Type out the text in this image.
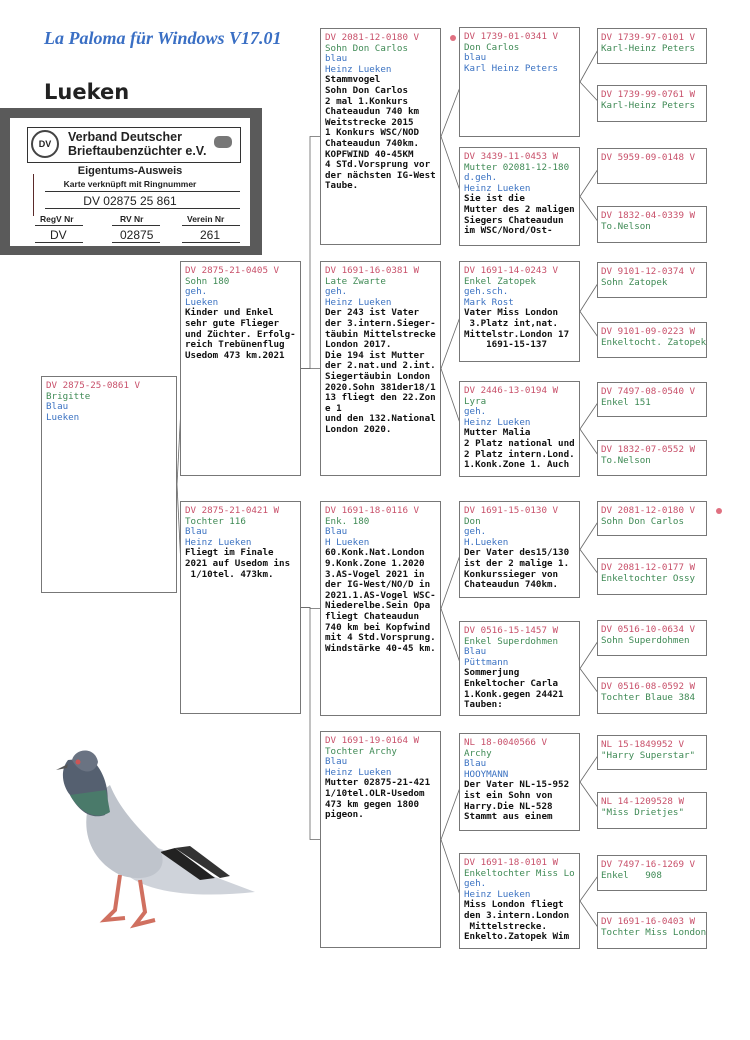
La Paloma für Windows V17.01
Lueken
DV	Verband Deutscher
Brieftaubenzüchter e.V.
Eigentums-Ausweis
Karte verknüpft mit Ringnummer
DV 02875 25 861
RegV Nr	RV Nr	Verein Nr
DV	02875	261
DV 2875-25-0861 V
Brigitte
Blau
Lueken
DV 2875-21-0405 V
Sohn 180
geh.
Lueken
Kinder und Enkel
sehr gute Flieger
und Züchter. Erfolg-
reich Trebünenflug
Usedom 473 km.2021
DV 2875-21-0421 W
Tochter 116
Blau
Heinz Lueken
Fliegt im Finale
2021 auf Usedom ins
1/10tel. 473km.
DV 2081-12-0180 V
Sohn Don Carlos
blau
Heinz Lueken
Stammvogel
Sohn Don Carlos
2 mal 1.Konkurs
Chateaudun 740 km
Weitstrecke 2015
1 Konkurs WSC/NOD
Chateaudun 740km.
KOPFWIND 40-45KM
4 STd.Vorsprung vor
der nächsten IG-West
Taube.
DV 1691-16-0381 W
Late Zwarte
geh.
Heinz Lueken
Der 243 ist Vater
der 3.intern.Sieger-
täubin Mittelstrecke
London 2017.
Die 194 ist Mutter
der 2.nat.und 2.int.
Siegertäubin London
2020.Sohn 381der18/1
13 fliegt den 22.Zon
e 1
und den 132.National
London 2020.
DV 1691-18-0116 V
Enk. 180
Blau
H Lueken
60.Konk.Nat.London
9.Konk.Zone 1.2020
3.AS-Vogel 2021 in
der IG-West/NO/D in
2021.1.AS-Vogel WSC-
Niederelbe.Sein Opa
fliegt Chateaudun
740 km bei Kopfwind
mit 4 Std.Vorsprung.
Windstärke 40-45 km.
DV 1691-19-0164 W
Tochter Archy
Blau
Heinz Lueken
Mutter 02875-21-421
1/10tel.OLR-Usedom
473 km gegen 1800
pigeon.
DV 1739-01-0341 V
Don Carlos
blau
Karl Heinz Peters
DV 3439-11-0453 W
Mutter 02081-12-180
d.geh.
Heinz Lueken
Sie ist die
Mutter des 2 maligen
Siegers Chateaudun
im WSC/Nord/Ost-
DV 1691-14-0243 V
Enkel Zatopek
geh.sch.
Mark Rost
Vater Miss London
3.Platz int,nat.
Mittelstr.London 17
1691-15-137
DV 2446-13-0194 W
Lyra
geh.
Heinz Lueken
Mutter Malia
2 Platz national und
2 Platz intern.Lond.
1.Konk.Zone 1. Auch
DV 1691-15-0130 V
Don
geh.
H.Lueken
Der Vater des15/130
ist der 2 malige 1.
Konkurssieger von
Chateaudun 740km.
DV 0516-15-1457 W
Enkel Superdohmen
Blau
Püttmann
Sommerjung
Enkeltocher Carla
1.Konk.gegen 24421
Tauben:
NL 18-0040566 V
Archy
Blau
HOOYMANN
Der Vater NL-15-952
ist ein Sohn von
Harry.Die NL-528
Stammt aus einem
DV 1691-18-0101 W
Enkeltochter Miss Lo
geh.
Heinz Lueken
Miss London fliegt
den 3.intern.London
Mittelstrecke.
Enkelto.Zatopek Wim
DV 1739-97-0101 V
Karl-Heinz Peters
DV 1739-99-0761 W
Karl-Heinz Peters
DV 5959-09-0148 V
DV 1832-04-0339 W
To.Nelson
DV 9101-12-0374 V
Sohn Zatopek
DV 9101-09-0223 W
Enkeltocht. Zatopek
DV 7497-08-0540 V
Enkel 151
DV 1832-07-0552 W
To.Nelson
DV 2081-12-0180 V
Sohn Don Carlos
DV 2081-12-0177 W
Enkeltochter Ossy
DV 0516-10-0634 V
Sohn Superdohmen
DV 0516-08-0592 W
Tochter Blaue 384
NL 15-1849952 V
"Harry Superstar"
NL 14-1209528 W
"Miss Drietjes"
DV 7497-16-1269 V
Enkel   908
DV 1691-16-0403 W
Tochter Miss London
